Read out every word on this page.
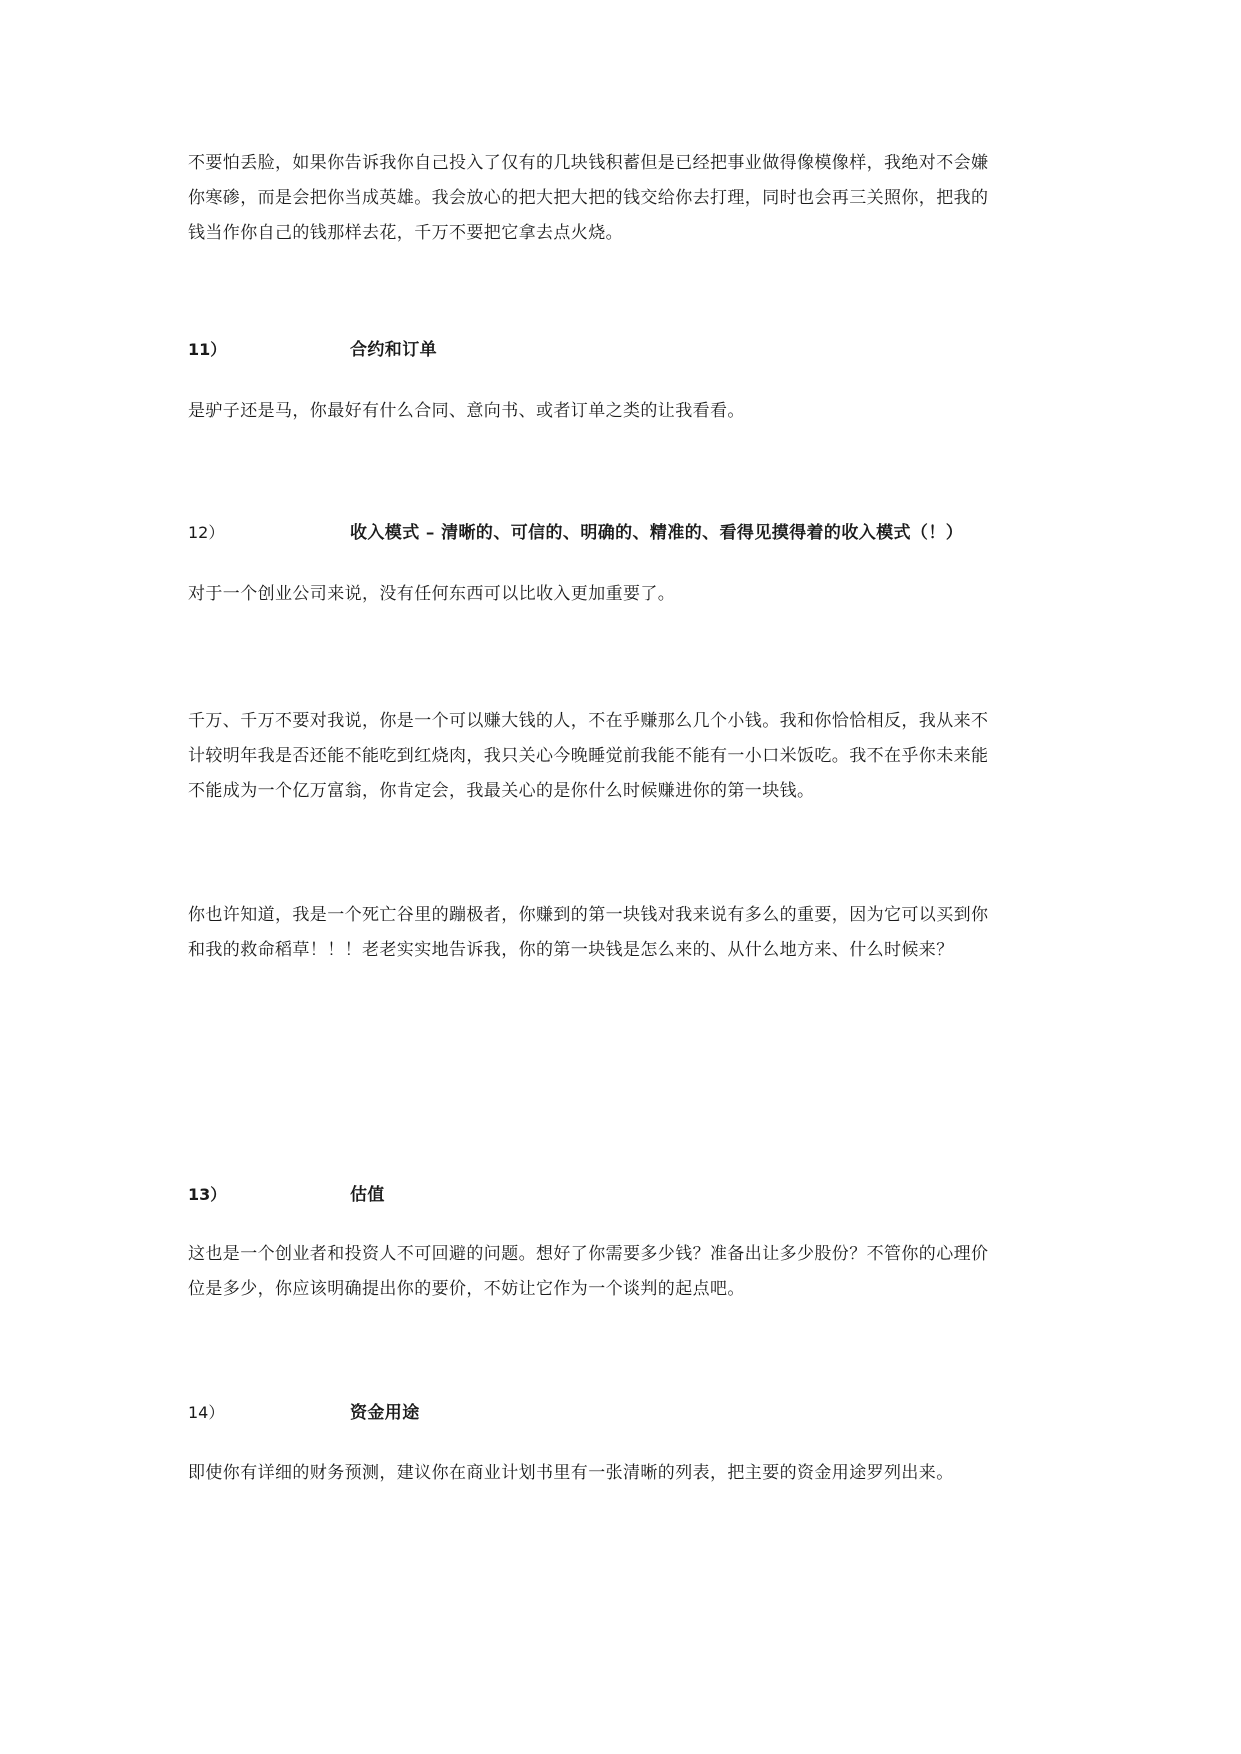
不要怕丢脸，如果你告诉我你自己投入了仅有的几块钱积蓄但是已经把事业做得像模像样，我绝对不会嫌
你寒碜，而是会把你当成英雄。我会放心的把大把大把的钱交给你去打理，同时也会再三关照你，把我的
钱当作你自己的钱那样去花，千万不要把它拿去点火烧。
11）	合约和订单
是驴子还是马，你最好有什么合同、意向书、或者订单之类的让我看看。
12）	收入模式 – 清晰的、可信的、明确的、精准的、看得见摸得着的收入模式（！）
对于一个创业公司来说，没有任何东西可以比收入更加重要了。
千万、千万不要对我说，你是一个可以赚大钱的人，不在乎赚那么几个小钱。我和你恰恰相反，我从来不
计较明年我是否还能不能吃到红烧肉，我只关心今晚睡觉前我能不能有一小口米饭吃。我不在乎你未来能
不能成为一个亿万富翁，你肯定会，我最关心的是你什么时候赚进你的第一块钱。
你也许知道，我是一个死亡谷里的蹦极者，你赚到的第一块钱对我来说有多么的重要，因为它可以买到你
和我的救命稻草！！！老老实实地告诉我，你的第一块钱是怎么来的、从什么地方来、什么时候来？
13）	估值
这也是一个创业者和投资人不可回避的问题。想好了你需要多少钱？准备出让多少股份？不管你的心理价
位是多少，你应该明确提出你的要价，不妨让它作为一个谈判的起点吧。
14）	资金用途
即使你有详细的财务预测，建议你在商业计划书里有一张清晰的列表，把主要的资金用途罗列出来。
